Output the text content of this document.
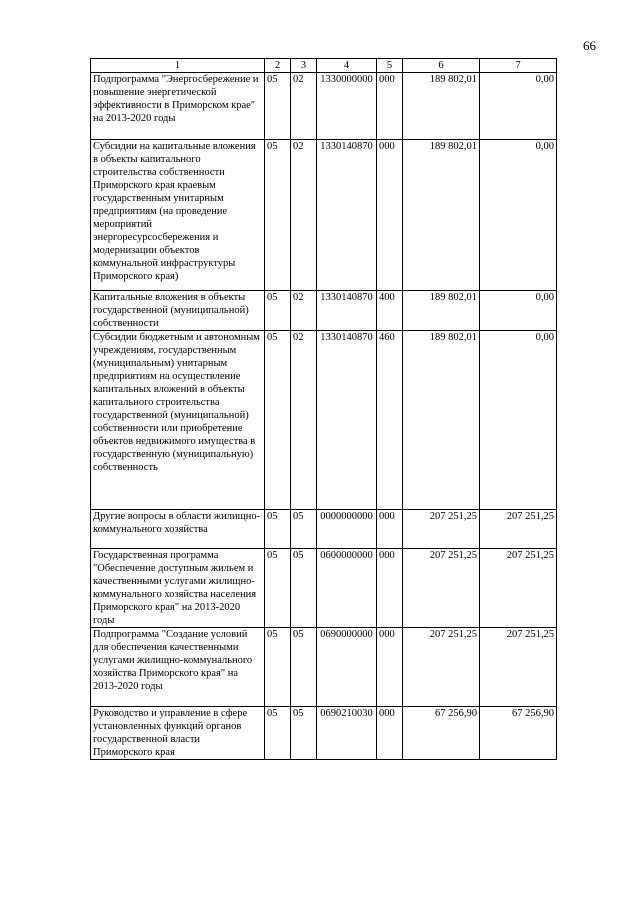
66
1	2	3	4	5	6	7
Подпрограмма "Энергосбережение и повышение энергетической эффективности в Приморском крае" на 2013-2020 годы	05	02	1330000000	000	189 802,01	0,00
Субсидии на капитальные вложения в объекты капитального строительства собственности Приморского края краевым государственным унитарным предприятиям (на проведение мероприятий энергоресурсосбережения и модернизации объектов коммунальной инфраструктуры Приморского края)	05	02	1330140870	000	189 802,01	0,00
Капитальные вложения в объекты государственной (муниципальной) собственности	05	02	1330140870	400	189 802,01	0,00
Субсидии бюджетным и автономным учреждениям, государственным (муниципальным) унитарным предприятиям на осуществление капитальных вложений в объекты капитального строительства государственной (муниципальной) собственности или приобретение объектов недвижимого имущества в государственную (муниципальную) собственность	05	02	1330140870	460	189 802,01	0,00
Другие вопросы в области жилищно-коммунального хозяйства	05	05	0000000000	000	207 251,25	207 251,25
Государственная программа "Обеспечение доступным жильем и качественными услугами жилищно-коммунального хозяйства населения Приморского края" на 2013-2020 годы	05	05	0600000000	000	207 251,25	207 251,25
Подпрограмма "Создание условий для обеспечения качественными услугами жилищно-коммунального хозяйства Приморского края" на 2013-2020 годы	05	05	0690000000	000	207 251,25	207 251,25
Руководство и управление в сфере установленных функций органов государственной власти Приморского края	05	05	0690210030	000	67 256,90	67 256,90
